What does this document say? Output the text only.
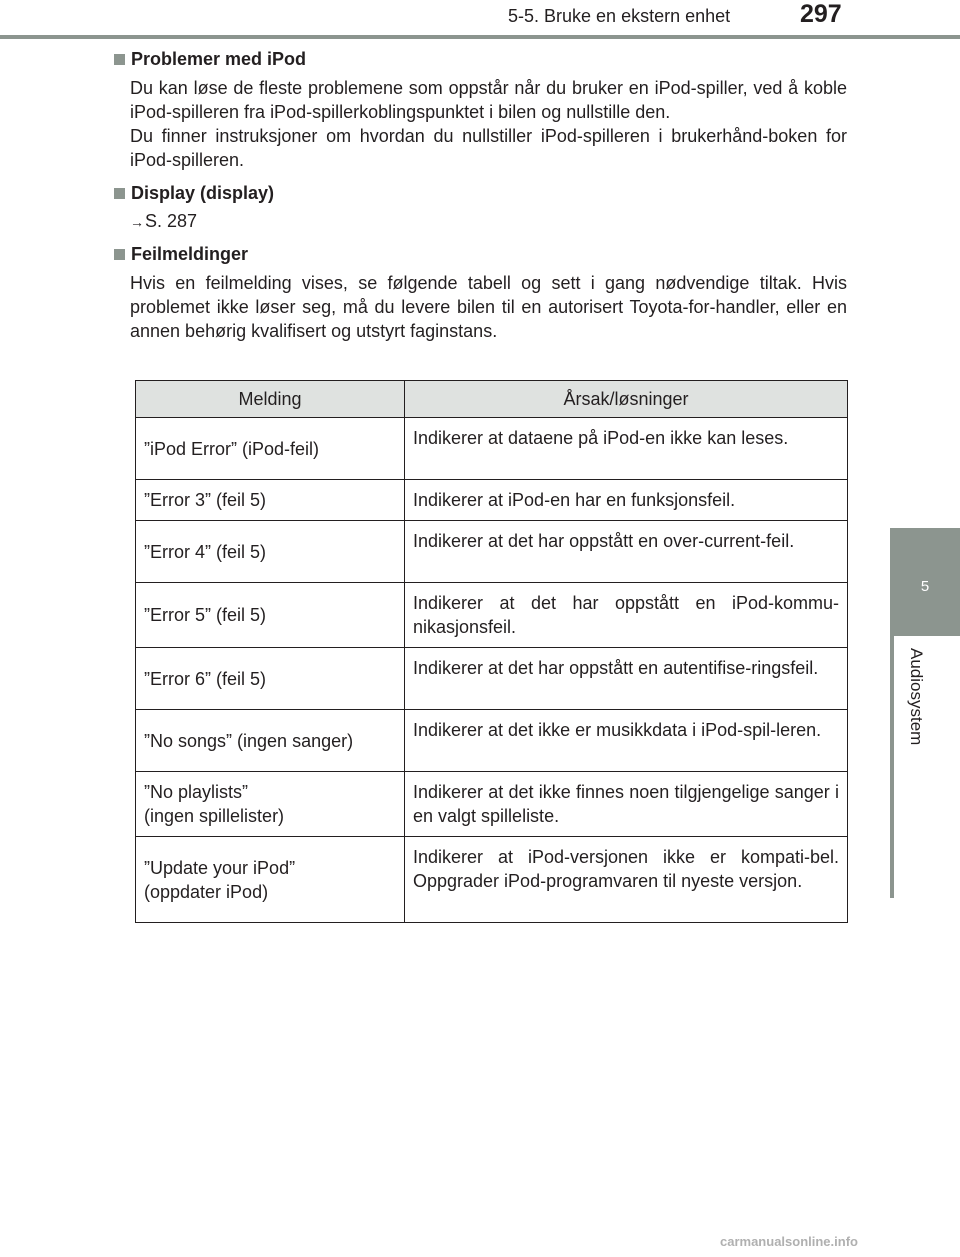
5-5. Bruke en ekstern enhet	297
5
Audiosystem
Problemer med iPod
Du kan løse de fleste problemene som oppstår når du bruker en iPod-spiller, ved å koble iPod-spilleren fra iPod-spillerkoblingspunktet i bilen og nullstille den.
Du finner instruksjoner om hvordan du nullstiller iPod-spilleren i brukerhånd-boken for iPod-spilleren.
Display (display)
→S. 287
Feilmeldinger
Hvis en feilmelding vises, se følgende tabell og sett i gang nødvendige tiltak. Hvis problemet ikke løser seg, må du levere bilen til en autorisert Toyota-for-handler, eller en annen behørig kvalifisert og utstyrt faginstans.
Melding	Årsak/løsninger
”iPod Error” (iPod-feil)	Indikerer at dataene på iPod-en ikke kan leses.
”Error 3” (feil 5)	Indikerer at iPod-en har en funksjonsfeil.
”Error 4” (feil 5)	Indikerer at det har oppstått en over-current-feil.
”Error 5” (feil 5)	Indikerer at det har oppstått en iPod-kommu-nikasjonsfeil.
”Error 6” (feil 5)	Indikerer at det har oppstått en autentifise-ringsfeil.
”No songs” (ingen sanger)	Indikerer at det ikke er musikkdata i iPod-spil-leren.
”No playlists”
(ingen spillelister)	Indikerer at det ikke finnes noen tilgjengelige sanger i en valgt spilleliste.
”Update your iPod”
(oppdater iPod)	Indikerer at iPod-versjonen ikke er kompati-bel. Oppgrader iPod-programvaren til nyeste versjon.
carmanualsonline.info
